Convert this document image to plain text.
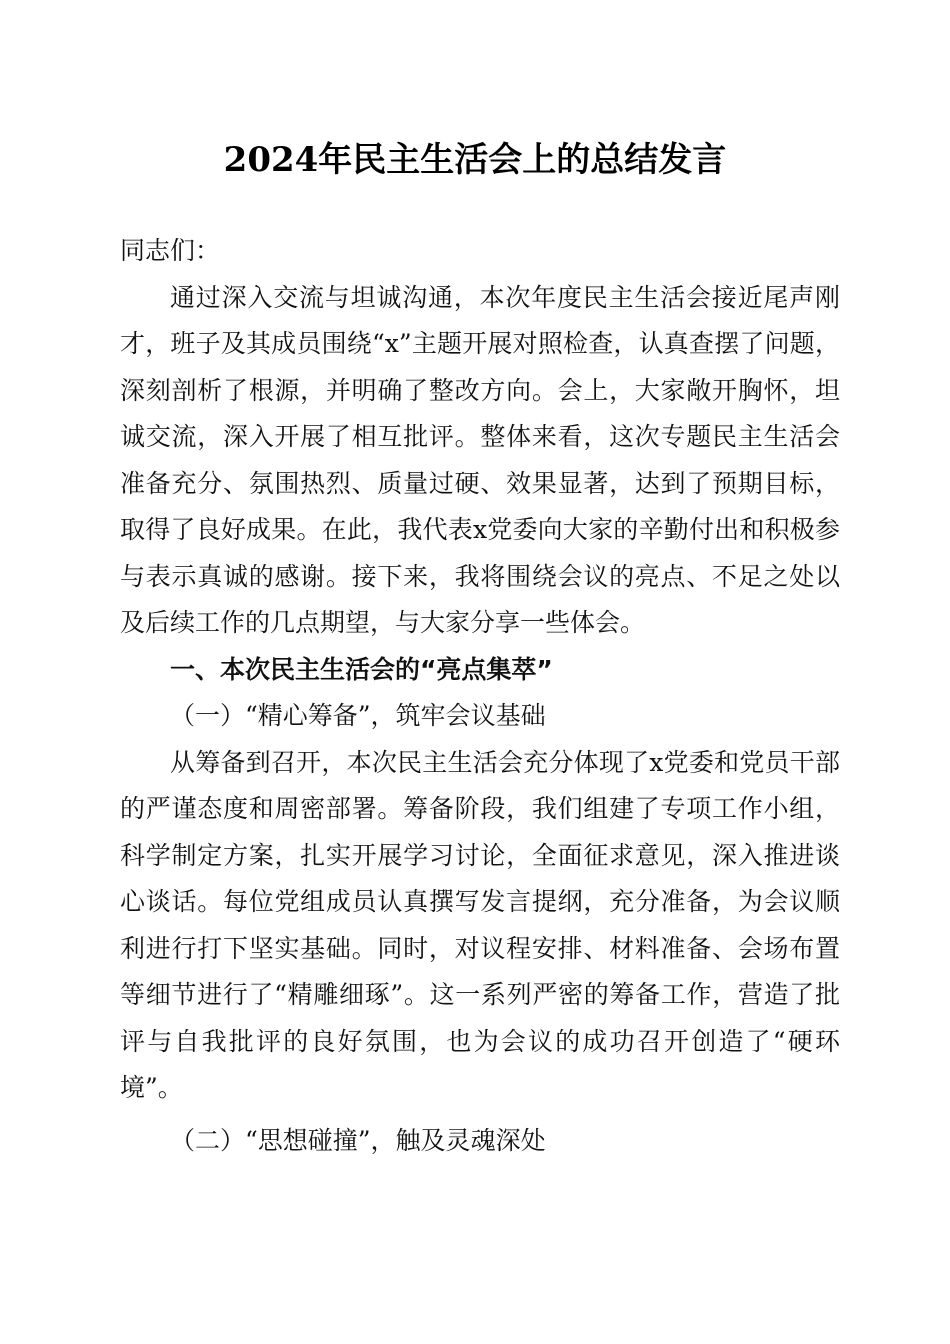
2024年民主生活会上的总结发言

同志们：

通过深入交流与坦诚沟通，本次年度民主生活会接近尾声刚才，班子及其成员围绕“x”主题开展对照检查，认真查摆了问题，深刻剖析了根源，并明确了整改方向。会上，大家敞开胸怀，坦诚交流，深入开展了相互批评。整体来看，这次专题民主生活会准备充分、氛围热烈、质量过硬、效果显著，达到了预期目标，取得了良好成果。在此，我代表x党委向大家的辛勤付出和积极参与表示真诚的感谢。接下来，我将围绕会议的亮点、不足之处以及后续工作的几点期望，与大家分享一些体会。

一、本次民主生活会的“亮点集萃”

（一）“精心筹备”，筑牢会议基础

从筹备到召开，本次民主生活会充分体现了x党委和党员干部的严谨态度和周密部署。筹备阶段，我们组建了专项工作小组，科学制定方案，扎实开展学习讨论，全面征求意见，深入推进谈心谈话。每位党组成员认真撰写发言提纲，充分准备，为会议顺利进行打下坚实基础。同时，对议程安排、材料准备、会场布置等细节进行了“精雕细琢”。这一系列严密的筹备工作，营造了批评与自我批评的良好氛围，也为会议的成功召开创造了“硬环境”。

（二）“思想碰撞”，触及灵魂深处
